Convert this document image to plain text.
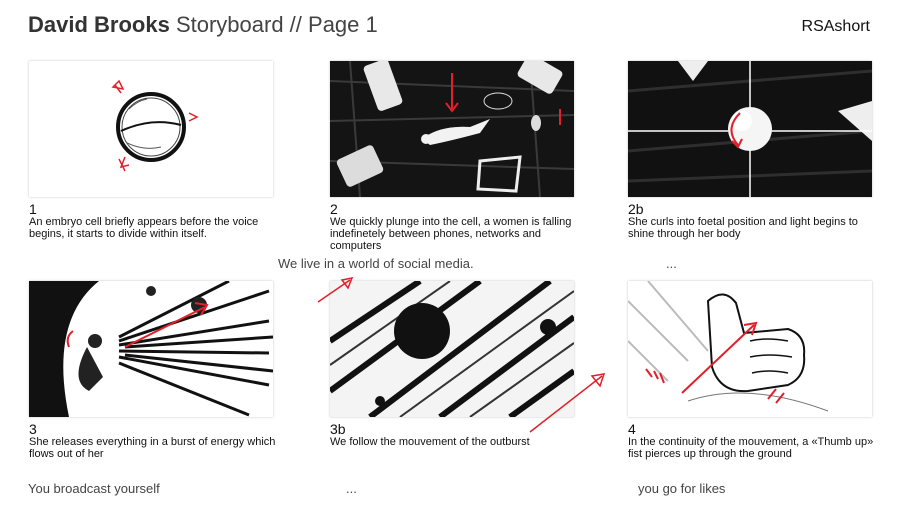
David Brooks Storyboard // Page 1	RSAshort
1
An embryo cell briefly appears before the voice begins, it starts to divide within itself.
2
We quickly plunge into the cell, a women is falling indefinetely between phones, networks and computers
2b
She curls into foetal position and light begins to shine through her body
3
She releases everything in a burst of energy which flows out of her
3b
We follow the mouvement of the outburst
4
In the continuity of the mouvement, a «Thumb up» fist pierces up through the ground
We live in a world of social media.	...
You broadcast yourself	...	you go for likes
